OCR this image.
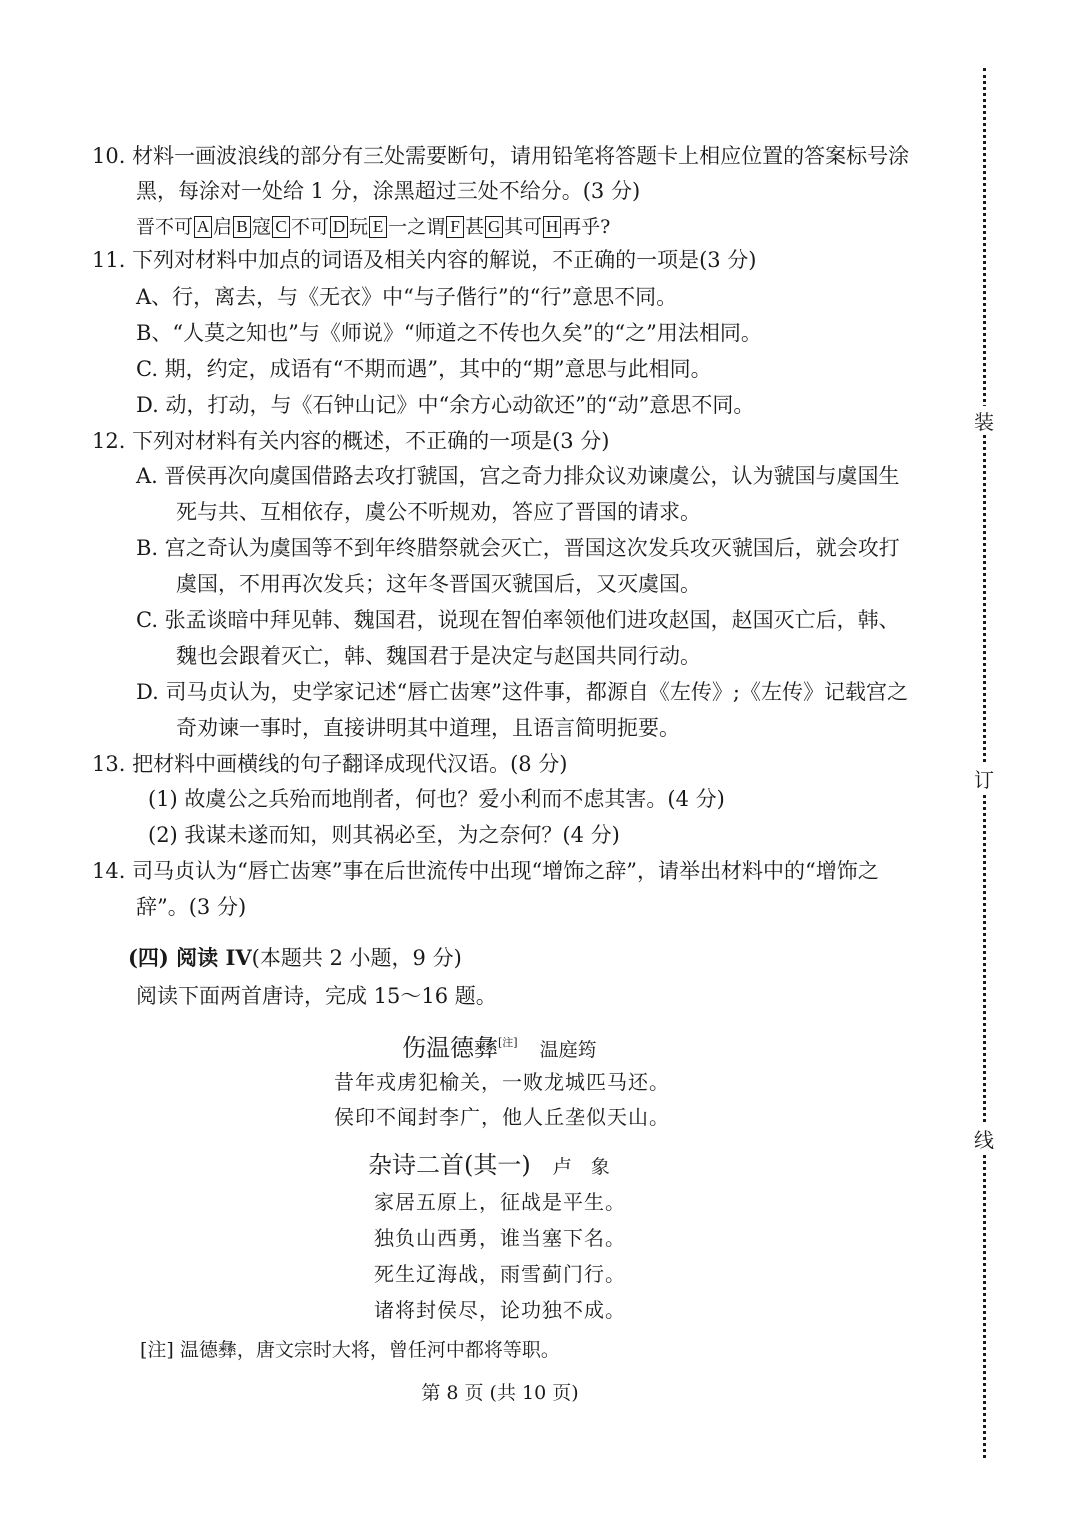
10. 材料一画波浪线的部分有三处需要断句，请用铅笔将答题卡上相应位置的答案标号涂
黑，每涂对一处给 1 分，涂黑超过三处不给分。(3 分)
晋不可 A 启 B 寇 C 不可 D 玩 E 一之谓 F 甚 G 其可 H 再乎?
11. 下列对材料中加点的词语及相关内容的解说，不正确的一项是(3 分)
A、行，离去，与《无衣》中“与子偕行”的“行”意思不同。
B、“人莫之知也”与《师说》“师道之不传也久矣”的“之”用法相同。
C. 期，约定，成语有“不期而遇”，其中的“期”意思与此相同。
D. 动，打动，与《石钟山记》中“余方心动欲还”的“动”意思不同。
12. 下列对材料有关内容的概述，不正确的一项是(3 分)
A. 晋侯再次向虞国借路去攻打虢国，宫之奇力排众议劝谏虞公，认为虢国与虞国生
死与共、互相依存，虞公不听规劝，答应了晋国的请求。
B. 宫之奇认为虞国等不到年终腊祭就会灭亡，晋国这次发兵攻灭虢国后，就会攻打
虞国，不用再次发兵；这年冬晋国灭虢国后，又灭虞国。
C. 张孟谈暗中拜见韩、魏国君，说现在智伯率领他们进攻赵国，赵国灭亡后，韩、
魏也会跟着灭亡，韩、魏国君于是决定与赵国共同行动。
D. 司马贞认为，史学家记述“唇亡齿寒”这件事，都源自《左传》;《左传》记载宫之
奇劝谏一事时，直接讲明其中道理，且语言简明扼要。
13. 把材料中画横线的句子翻译成现代汉语。(8 分)
(1) 故虞公之兵殆而地削者，何也？爱小利而不虑其害。(4 分)
(2) 我谋未遂而知，则其祸必至，为之奈何？(4 分)
14. 司马贞认为“唇亡齿寒”事在后世流传中出现“增饰之辞”，请举出材料中的“增饰之
辞”。(3 分)
(四) 阅读 IV(本题共 2 小题，9 分)
阅读下面两首唐诗，完成 15～16 题。
伤温德彝[注] 温庭筠
昔年戎虏犯榆关，一败龙城匹马还。
侯印不闻封李广，他人丘垄似天山。
杂诗二首(其一) 卢　象
家居五原上，征战是平生。
独负山西勇，谁当塞下名。
死生辽海战，雨雪蓟门行。
诸将封侯尽，论功独不成。
[注] 温德彝，唐文宗时大将，曾任河中都将等职。
第 8 页 (共 10 页)
装
订
线
